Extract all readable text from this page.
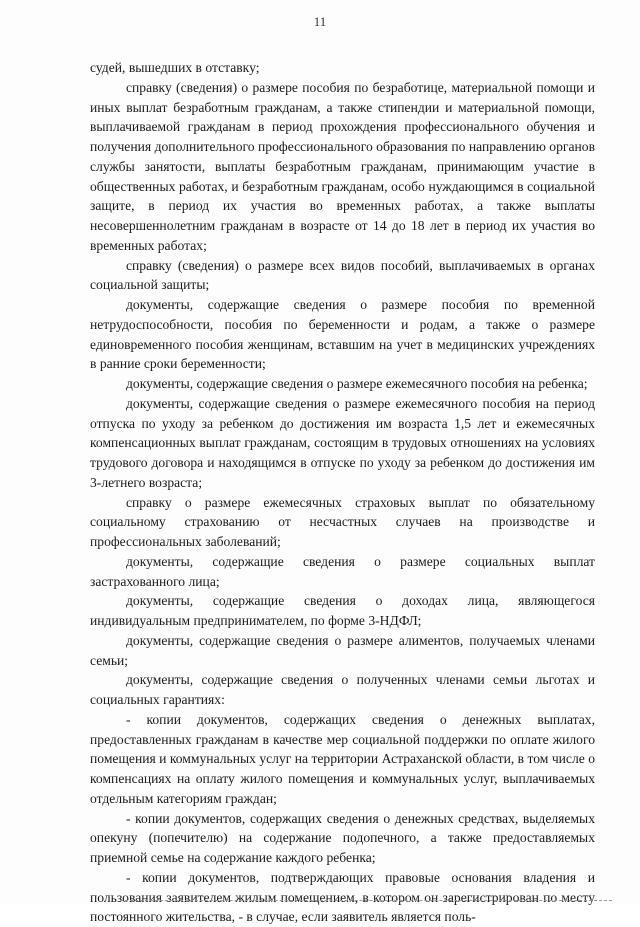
11

судей, вышедших в отставку;

справку (сведения) о размере пособия по безработице, материальной помощи и иных выплат безработным гражданам, а также стипендии и материальной помощи, выплачиваемой гражданам в период прохождения профессионального обучения и получения дополнительного профессионального образования по направлению органов службы занятости, выплаты безработным гражданам, принимающим участие в общественных работах, и безработным гражданам, особо нуждающимся в социальной защите, в период их участия во временных работах, а также выплаты несовершеннолетним гражданам в возрасте от 14 до 18 лет в период их участия во временных работах;

справку (сведения) о размере всех видов пособий, выплачиваемых в органах социальной защиты;

документы, содержащие сведения о размере пособия по временной нетрудоспособности, пособия по беременности и родам, а также о размере единовременного пособия женщинам, вставшим на учет в медицинских учреждениях в ранние сроки беременности;

документы, содержащие сведения о размере ежемесячного пособия на ребенка;

документы, содержащие сведения о размере ежемесячного пособия на период отпуска по уходу за ребенком до достижения им возраста 1,5 лет и ежемесячных компенсационных выплат гражданам, состоящим в трудовых отношениях на условиях трудового договора и находящимся в отпуске по уходу за ребенком до достижения им 3-летнего возраста;

справку о размере ежемесячных страховых выплат по обязательному социальному страхованию от несчастных случаев на производстве и профессиональных заболеваний;

документы, содержащие сведения о размере социальных выплат застрахованного лица;

документы, содержащие сведения о доходах лица, являющегося индивидуальным предпринимателем, по форме 3-НДФЛ;

документы, содержащие сведения о размере алиментов, получаемых членами семьи;

документы, содержащие сведения о полученных членами семьи льготах и социальных гарантиях:

- копии документов, содержащих сведения о денежных выплатах, предоставленных гражданам в качестве мер социальной поддержки по оплате жилого помещения и коммунальных услуг на территории Астраханской области, в том числе о компенсациях на оплату жилого помещения и коммунальных услуг, выплачиваемых отдельным категориям граждан;

- копии документов, содержащих сведения о денежных средствах, выделяемых опекуну (попечителю) на содержание подопечного, а также предоставляемых приемной семье на содержание каждого ребенка;

- копии документов, подтверждающих правовые основания владения и пользования заявителем жилым помещением, в котором он зарегистрирован по месту постоянного жительства, - в случае, если заявитель является поль-
